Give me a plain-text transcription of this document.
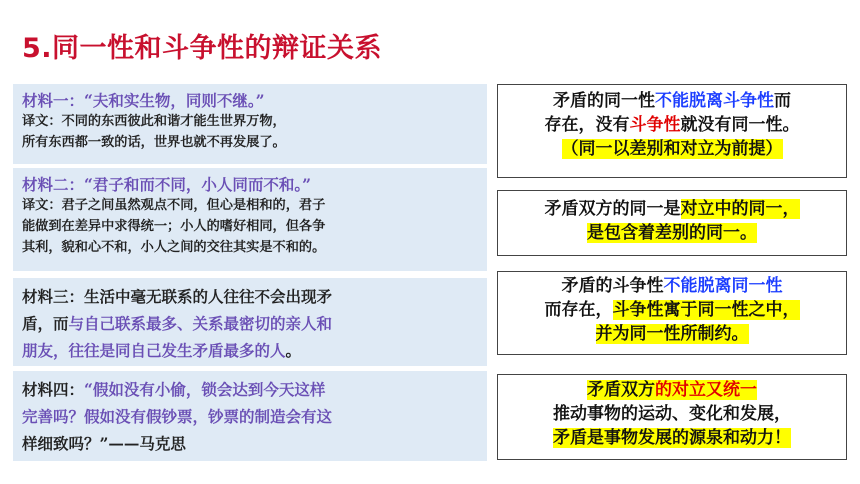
5.同一性和斗争性的辩证关系
材料一：“夫和实生物，同则不继。”
译文：不同的东西彼此和谐才能生世界万物，
所有东西都一致的话，世界也就不再发展了。
材料二：“君子和而不同，小人同而不和。”
译文：君子之间虽然观点不同，但心是相和的，君子
能做到在差异中求得统一；小人的嗜好相同，但各争
其利，貌和心不和，小人之间的交往其实是不和的。
材料三：生活中毫无联系的人往往不会出现矛
盾，而与自己联系最多、关系最密切的亲人和
朋友，往往是同自己发生矛盾最多的人。
材料四：“假如没有小偷，锁会达到今天这样
完善吗？假如没有假钞票，钞票的制造会有这
样细致吗？”——马克思
矛盾的同一性不能脱离斗争性而
存在，没有斗争性就没有同一性。
（同一以差别和对立为前提）
矛盾双方的同一是对立中的同一，
是包含着差别的同一。
矛盾的斗争性不能脱离同一性
而存在，斗争性寓于同一性之中，
并为同一性所制约。
矛盾双方的对立又统一
推动事物的运动、变化和发展，
矛盾是事物发展的源泉和动力！
